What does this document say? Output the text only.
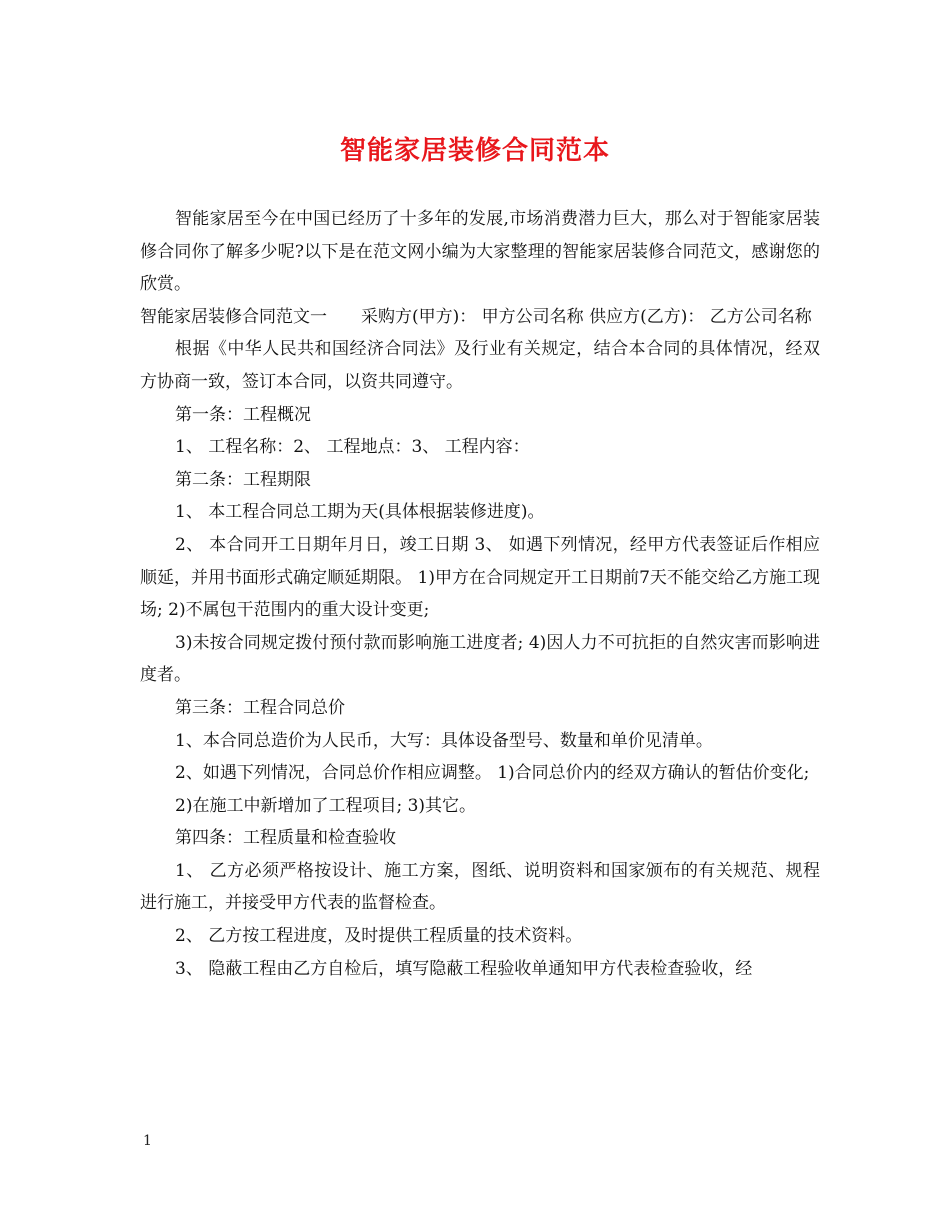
智能家居装修合同范本

智能家居至今在中国已经历了十多年的发展,市场消费潜力巨大，那么对于智能家居装修合同你了解多少呢?以下是在范文网小编为大家整理的智能家居装修合同范文，感谢您的欣赏。

智能家居装修合同范文一　　采购方(甲方)： 甲方公司名称 供应方(乙方)： 乙方公司名称

根据《中华人民共和国经济合同法》及行业有关规定，结合本合同的具体情况，经双方协商一致，签订本合同，以资共同遵守。

第一条：工程概况

1、 工程名称：2、 工程地点：3、 工程内容：

第二条：工程期限

1、 本工程合同总工期为天(具体根据装修进度)。

2、 本合同开工日期年月日，竣工日期 3、 如遇下列情况，经甲方代表签证后作相应顺延，并用书面形式确定顺延期限。 1)甲方在合同规定开工日期前7天不能交给乙方施工现场; 2)不属包干范围内的重大设计变更;

3)未按合同规定拨付预付款而影响施工进度者; 4)因人力不可抗拒的自然灾害而影响进度者。

第三条：工程合同总价

1、本合同总造价为人民币，大写：具体设备型号、数量和单价见清单。

2、如遇下列情况，合同总价作相应调整。 1)合同总价内的经双方确认的暂估价变化;

2)在施工中新增加了工程项目; 3)其它。

第四条：工程质量和检查验收

1、 乙方必须严格按设计、施工方案，图纸、说明资料和国家颁布的有关规范、规程进行施工，并接受甲方代表的监督检查。

2、 乙方按工程进度，及时提供工程质量的技术资料。

3、 隐蔽工程由乙方自检后，填写隐蔽工程验收单通知甲方代表检查验收，经

1
